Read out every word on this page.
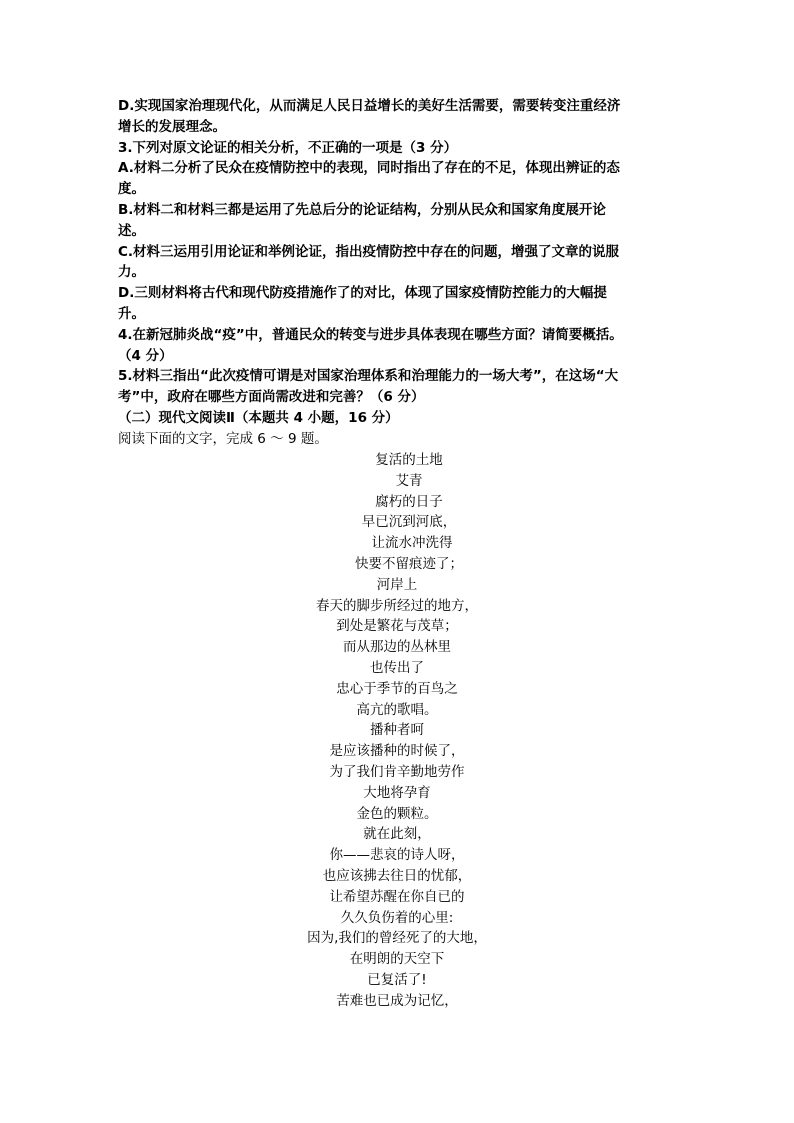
D.实现国家治理现代化，从而满足人民日益增长的美好生活需要，需要转变注重经济
增长的发展理念。
3.下列对原文论证的相关分析，不正确的一项是（3 分）
A.材料二分析了民众在疫情防控中的表现，同时指出了存在的不足，体现出辨证的态
度。
B.材料二和材料三都是运用了先总后分的论证结构，分别从民众和国家角度展开论
述。
C.材料三运用引用论证和举例论证，指出疫情防控中存在的问题，增强了文章的说服
力。
D.三则材料将古代和现代防疫措施作了的对比，体现了国家疫情防控能力的大幅提
升。
4.在新冠肺炎战“疫”中，普通民众的转变与进步具体表现在哪些方面？请简要概括。
（4 分）
5.材料三指出“此次疫情可谓是对国家治理体系和治理能力的一场大考”，在这场“大
考”中，政府在哪些方面尚需改进和完善？（6 分）
（二）现代文阅读Ⅱ（本题共 4 小题，16 分）
阅读下面的文字，完成 6 ～ 9 题。
复活的土地
艾青
腐朽的日子
早已沉到河底，
让流水冲洗得
快要不留痕迹了；
河岸上
春天的脚步所经过的地方，
到处是繁花与茂草；
而从那边的丛林里
也传出了
忠心于季节的百鸟之
高亢的歌唱。
播种者呵
是应该播种的时候了，
为了我们肯辛勤地劳作
大地将孕育
金色的颗粒。
就在此刻，
你——悲哀的诗人呀，
也应该拂去往日的忧郁，
让希望苏醒在你自已的
久久负伤着的心里:
因为,我们的曾经死了的大地，
在明朗的天空下
已复活了!
苦难也已成为记忆，
